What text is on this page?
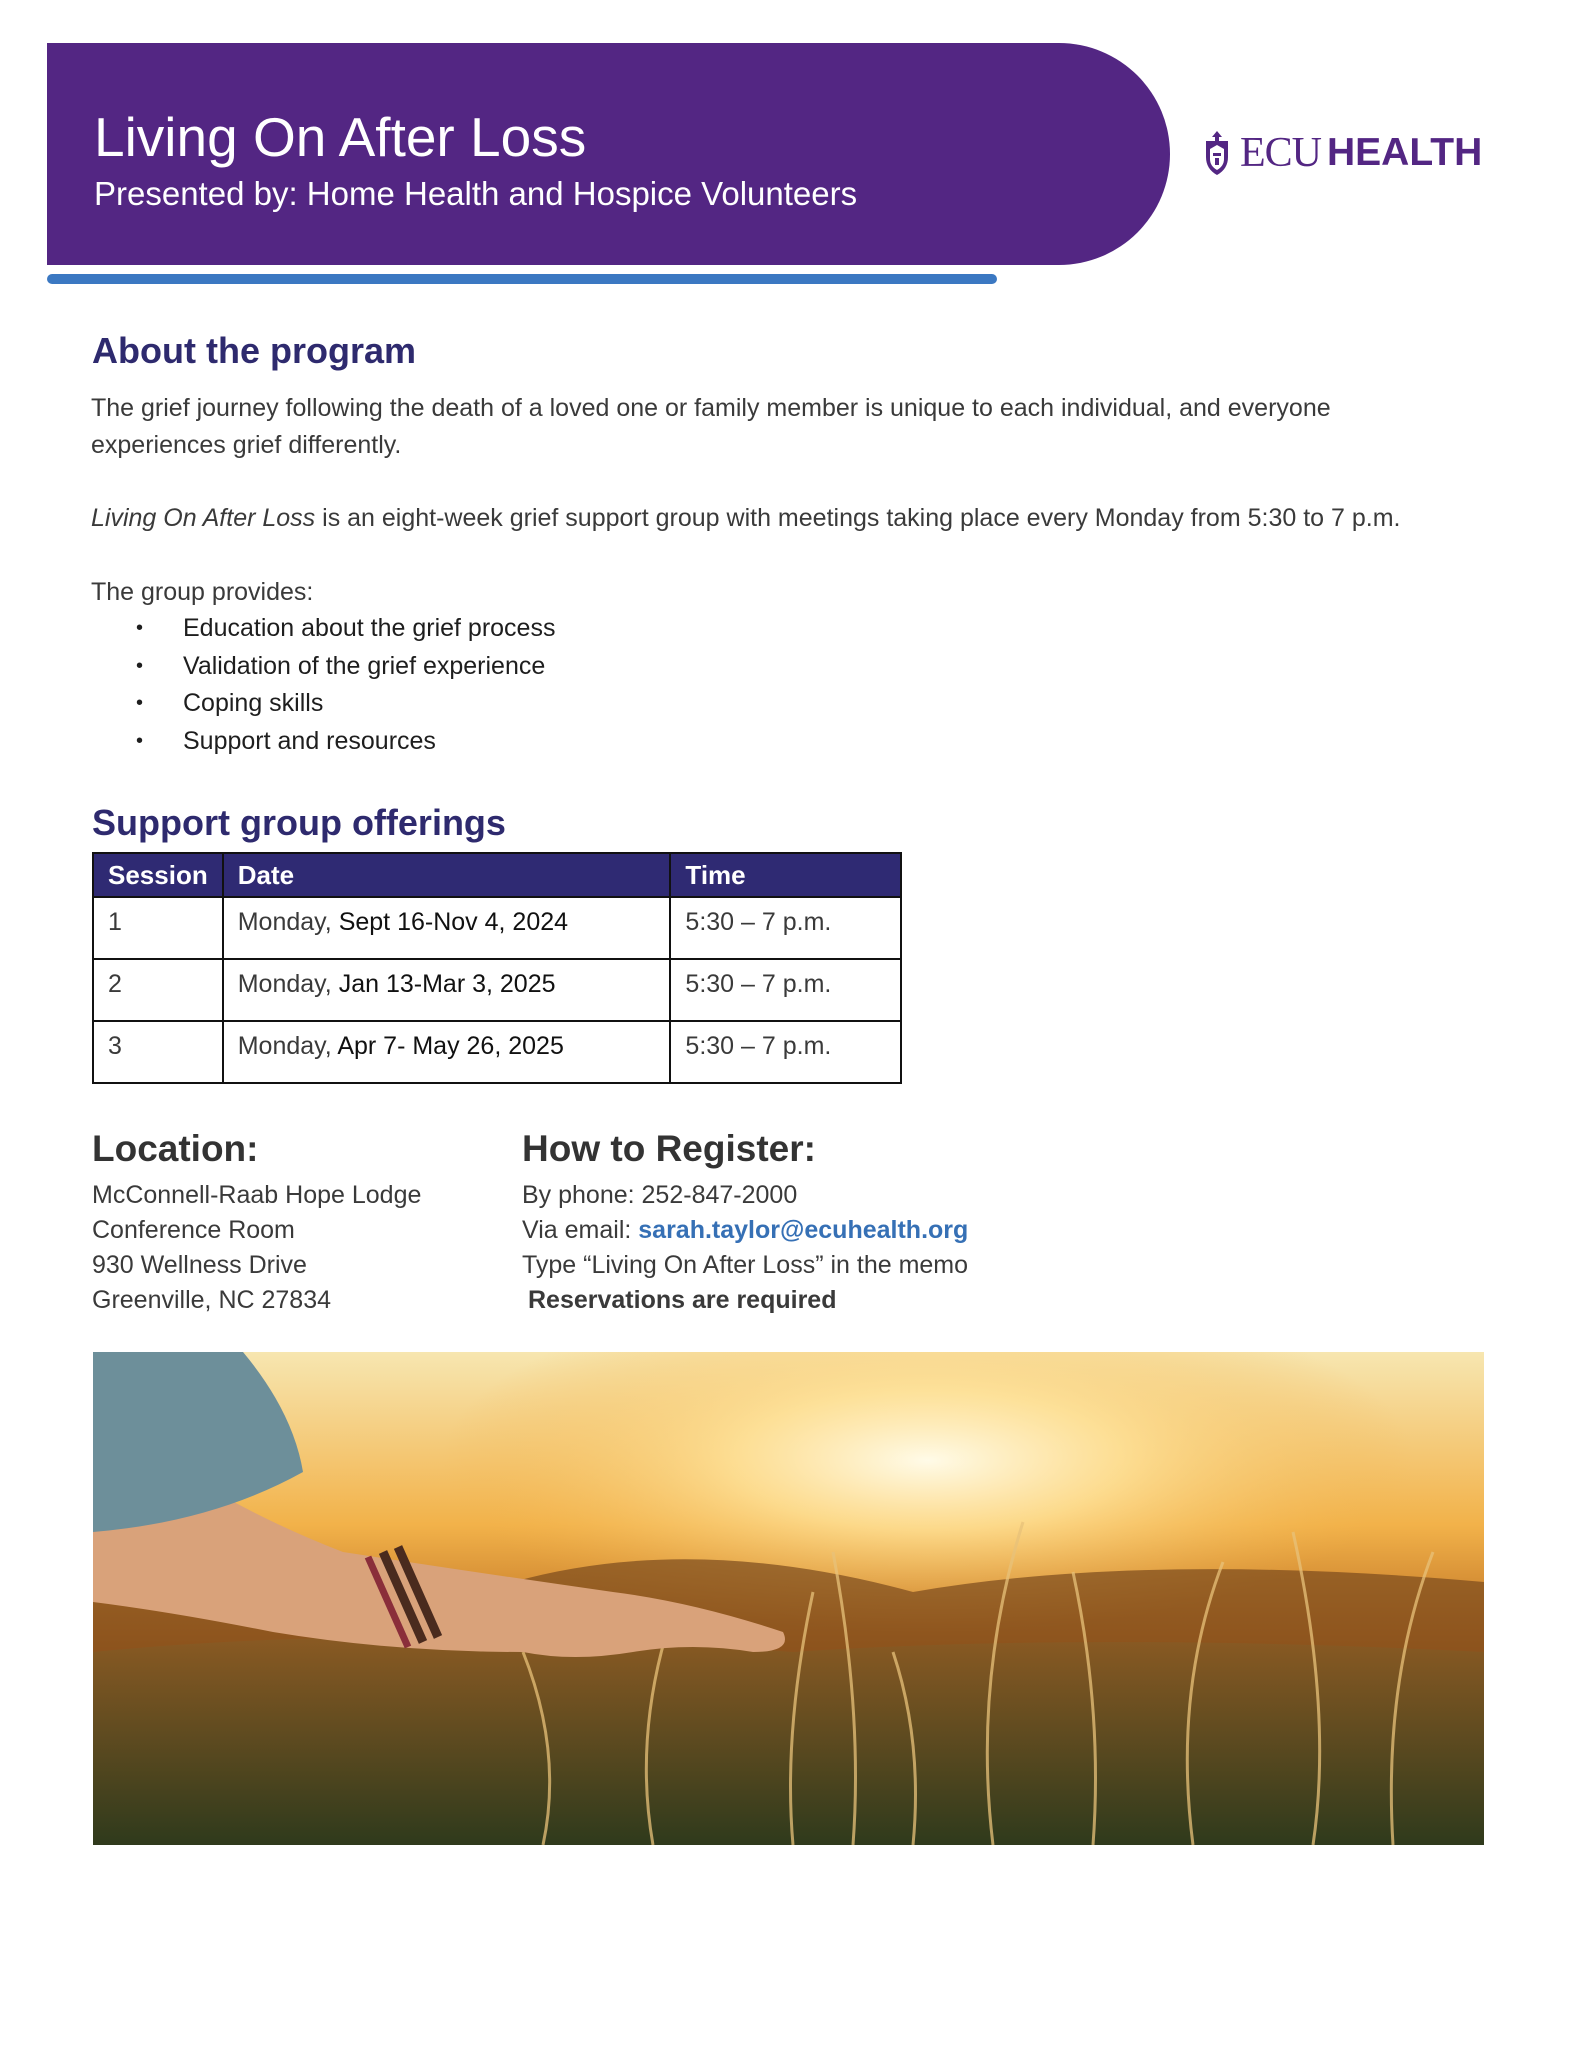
Living On After Loss
Presented by: Home Health and Hospice Volunteers
ECU HEALTH
About the program

The grief journey following the death of a loved one or family member is unique to each individual, and everyone experiences grief differently.

Living On After Loss is an eight-week grief support group with meetings taking place every Monday from 5:30 to 7 p.m.

The group provides:

• Education about the grief process
• Validation of the grief experience
• Coping skills
• Support and resources
Support group offerings
Session	Date	Time
1	Monday, Sept 16-Nov 4, 2024	5:30 – 7 p.m.
2	Monday, Jan 13-Mar 3, 2025	5:30 – 7 p.m.
3	Monday, Apr 7- May 26, 2025	5:30 – 7 p.m.
Location:
McConnell-Raab Hope Lodge
Conference Room
930 Wellness Drive
Greenville, NC 27834
How to Register:
By phone: 252-847-2000
Via email: sarah.taylor@ecuhealth.org
Type “Living On After Loss” in the memo
Reservations are required
